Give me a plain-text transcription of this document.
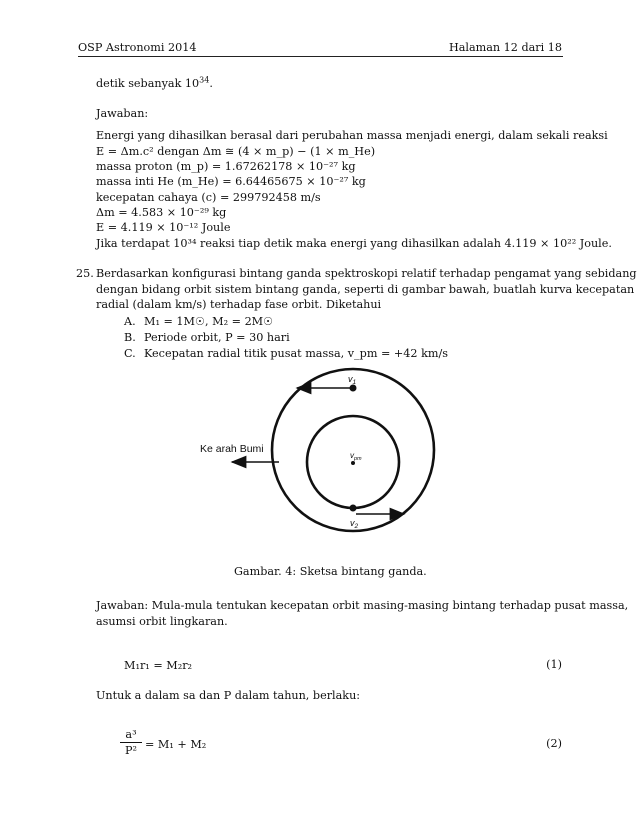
OSP Astronomi 2014	Halaman 12 dari 18
detik sebanyak $10^{34}$.
Jawaban:
Energi yang dihasilkan berasal dari perubahan massa menjadi energi, dalam sekali reaksi
E = Δm.c² dengan Δm ≅ (4 × m_p) − (1 × m_He)
massa proton (m_p) = 1.67262178 × 10⁻²⁷ kg
massa inti He (m_He) = 6.64465675 × 10⁻²⁷ kg
kecepatan cahaya (c) = 299792458 m/s
Δm = 4.583 × 10⁻²⁹ kg
E = 4.119 × 10⁻¹² Joule
Jika terdapat 10³⁴ reaksi tiap detik maka energi yang dihasilkan adalah 4.119 × 10²² Joule.
25. Berdasarkan konfigurasi bintang ganda spektroskopi relatif terhadap pengamat yang sebidang
dengan bidang orbit sistem bintang ganda, seperti di gambar bawah, buatlah kurva kecepatan
radial (dalam km/s) terhadap fase orbit. Diketahui
A. M₁ = 1M☉, M₂ = 2M☉
B. Periode orbit, P = 30 hari
C. Kecepatan radial titik pusat massa, v_pm = +42 km/s
Ke arah Bumi
$v_1$
$v_{pm}$
$v_2$
Gambar. 4: Sketsa bintang ganda.
Jawaban: Mula-mula tentukan kecepatan orbit masing-masing bintang terhadap pusat massa,
asumsi orbit lingkaran.
M₁r₁ = M₂r₂	(1)
Untuk a dalam sa dan P dalam tahun, berlaku:
a³
P² = M₁ + M₂	(2)
